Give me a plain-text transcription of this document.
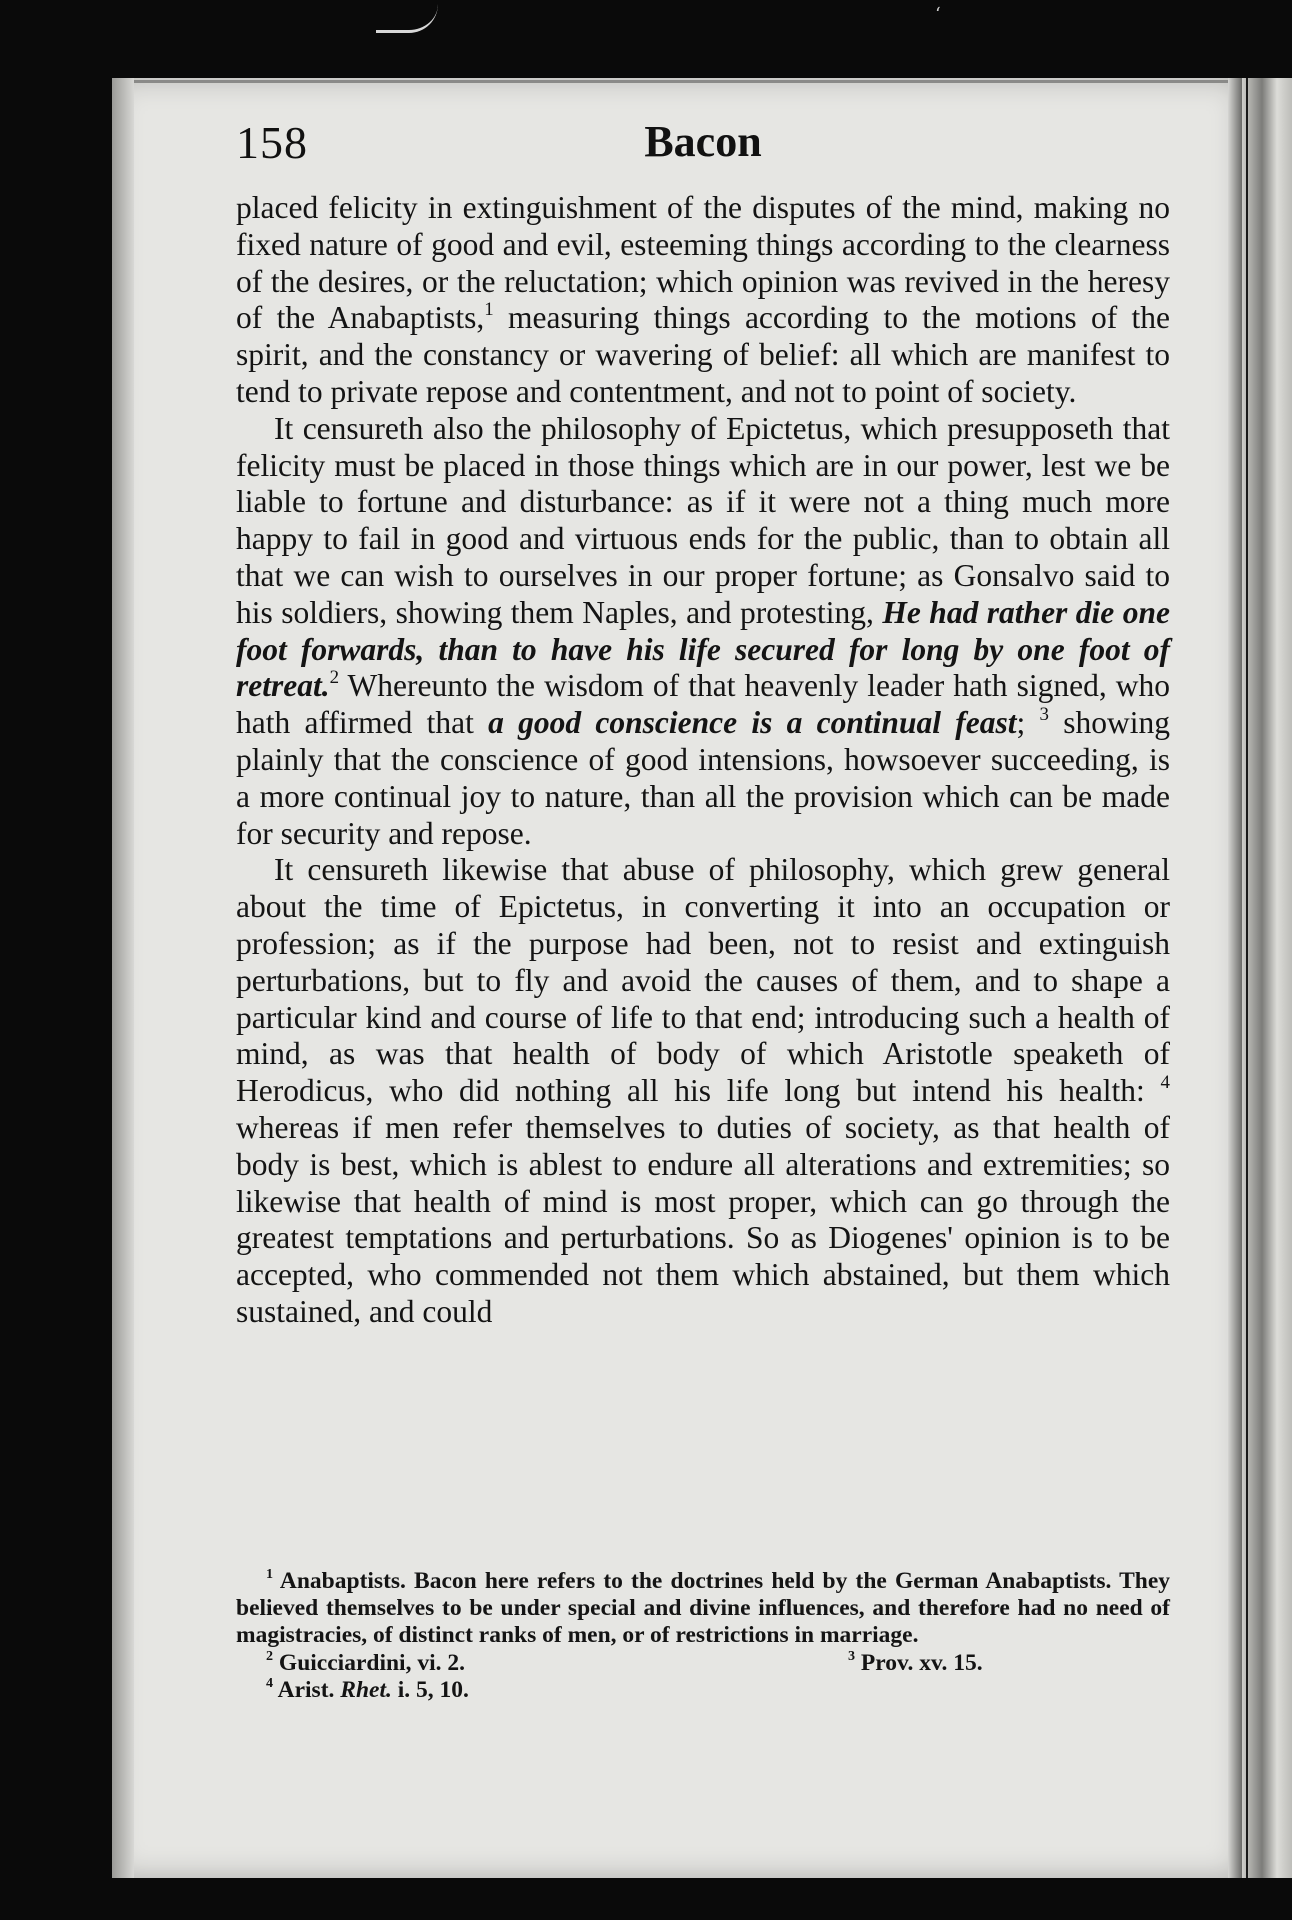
‘
158	Bacon

placed felicity in extinguishment of the disputes of the mind, making no fixed nature of good and evil, esteeming things according to the clearness of the desires, or the reluctation; which opinion was revived in the heresy of the Anabaptists,$^1$ measuring things according to the motions of the spirit, and the constancy or wavering of belief: all which are manifest to tend to private repose and contentment, and not to point of society.

It censureth also the philosophy of Epictetus, which presupposeth that felicity must be placed in those things which are in our power, lest we be liable to fortune and disturbance: as if it were not a thing much more happy to fail in good and virtuous ends for the public, than to obtain all that we can wish to ourselves in our proper fortune; as Gonsalvo said to his soldiers, showing them Naples, and protesting, He had rather die one foot forwards, than to have his life secured for long by one foot of retreat.$^2$ Whereunto the wisdom of that heavenly leader hath signed, who hath affirmed that a good conscience is a continual feast; $^3$ showing plainly that the conscience of good intensions, howsoever succeeding, is a more continual joy to nature, than all the provision which can be made for security and repose.

It censureth likewise that abuse of philosophy, which grew general about the time of Epictetus, in converting it into an occupation or profession; as if the purpose had been, not to resist and extinguish perturbations, but to fly and avoid the causes of them, and to shape a particular kind and course of life to that end; introducing such a health of mind, as was that health of body of which Aristotle speaketh of Herodicus, who did nothing all his life long but intend his health: $^4$ whereas if men refer themselves to duties of society, as that health of body is best, which is ablest to endure all alterations and extremities; so likewise that health of mind is most proper, which can go through the greatest temptations and perturbations. So as Diogenes' opinion is to be accepted, who commended not them which abstained, but them which sustained, and could

$^1$ Anabaptists. Bacon here refers to the doctrines held by the German Anabaptists. They believed themselves to be under special and divine influences, and therefore had no need of magistracies, of distinct ranks of men, or of restrictions in marriage.

$^2$ Guicciardini, vi. 2.	$^3$ Prov. xv. 15.
$^4$ Arist. Rhet. i. 5, 10.
